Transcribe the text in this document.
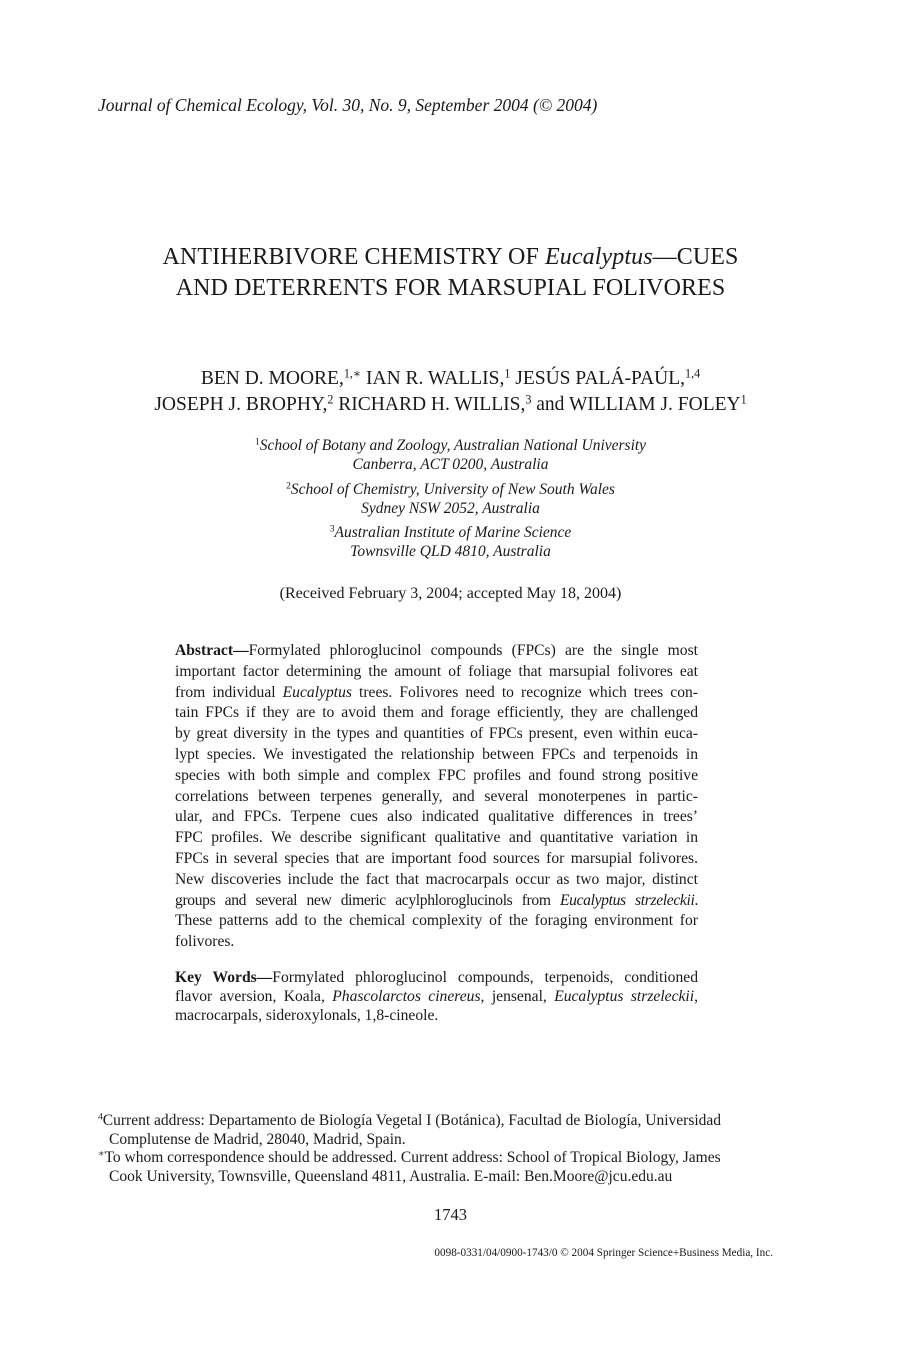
Journal of Chemical Ecology, Vol. 30, No. 9, September 2004 (© 2004)
ANTIHERBIVORE CHEMISTRY OF Eucalyptus—CUES
AND DETERRENTS FOR MARSUPIAL FOLIVORES
BEN D. MOORE,$^{1,∗}$ IAN R. WALLIS,$^1$ JESÚS PALÁ-PAÚL,$^{1,4}$
JOSEPH J. BROPHY,$^2$ RICHARD H. WILLIS,$^3$ and WILLIAM J. FOLEY$^1$
$^1$School of Botany and Zoology, Australian National University
Canberra, ACT 0200, Australia
$^2$School of Chemistry, University of New South Wales
Sydney NSW 2052, Australia
$^3$Australian Institute of Marine Science
Townsville QLD 4810, Australia
(Received February 3, 2004; accepted May 18, 2004)
Abstract—Formylated phloroglucinol compounds (FPCs) are the single most
important factor determining the amount of foliage that marsupial folivores eat
from individual Eucalyptus trees. Folivores need to recognize which trees con-
tain FPCs if they are to avoid them and forage efficiently, they are challenged
by great diversity in the types and quantities of FPCs present, even within euca-
lypt species. We investigated the relationship between FPCs and terpenoids in
species with both simple and complex FPC profiles and found strong positive
correlations between terpenes generally, and several monoterpenes in partic-
ular, and FPCs. Terpene cues also indicated qualitative differences in trees’
FPC profiles. We describe significant qualitative and quantitative variation in
FPCs in several species that are important food sources for marsupial folivores.
New discoveries include the fact that macrocarpals occur as two major, distinct
groups and several new dimeric acylphloroglucinols from Eucalyptus strzeleckii.
These patterns add to the chemical complexity of the foraging environment for
folivores.
Key Words—Formylated phloroglucinol compounds, terpenoids, conditioned
flavor aversion, Koala, Phascolarctos cinereus, jensenal, Eucalyptus strzeleckii,
macrocarpals, sideroxylonals, 1,8-cineole.
$^4$Current address: Departamento de Biología Vegetal I (Botánica), Facultad de Biología, Universidad
Complutense de Madrid, 28040, Madrid, Spain.
∗To whom correspondence should be addressed. Current address: School of Tropical Biology, James
Cook University, Townsville, Queensland 4811, Australia. E-mail: Ben.Moore@jcu.edu.au
1743
0098-0331/04/0900-1743/0 © 2004 Springer Science+Business Media, Inc.
